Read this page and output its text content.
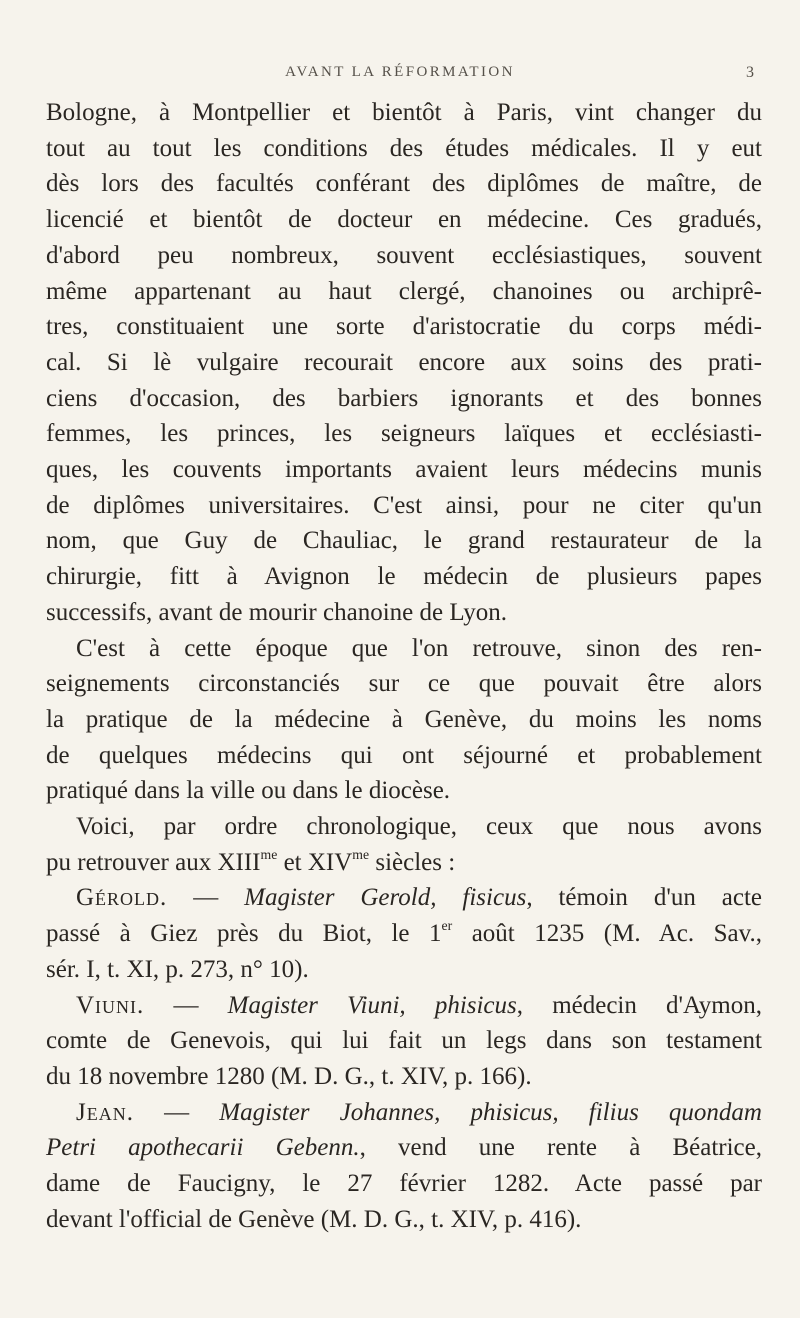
AVANT LA RÉFORMATION	3
Bologne, à Montpellier et bientôt à Paris, vint changer du
tout au tout les conditions des études médicales. Il y eut
dès lors des facultés conférant des diplômes de maître, de
licencié et bientôt de docteur en médecine. Ces gradués,
d'abord peu nombreux, souvent ecclésiastiques, souvent
même appartenant au haut clergé, chanoines ou archiprê-
tres, constituaient une sorte d'aristocratie du corps médi-
cal. Si lè vulgaire recourait encore aux soins des prati-
ciens d'occasion, des barbiers ignorants et des bonnes
femmes, les princes, les seigneurs laïques et ecclésiasti-
ques, les couvents importants avaient leurs médecins munis
de diplômes universitaires. C'est ainsi, pour ne citer qu'un
nom, que Guy de Chauliac, le grand restaurateur de la
chirurgie, fitt à Avignon le médecin de plusieurs papes
successifs, avant de mourir chanoine de Lyon.
C'est à cette époque que l'on retrouve, sinon des ren-
seignements circonstanciés sur ce que pouvait être alors
la pratique de la médecine à Genève, du moins les noms
de quelques médecins qui ont séjourné et probablement
pratiqué dans la ville ou dans le diocèse.
Voici, par ordre chronologique, ceux que nous avons
pu retrouver aux $XIII^{me}$ et $XIV^{me}$ siècles :
Gérold. — Magister Gerold, fisicus, témoin d'un acte
passé à Giez près du Biot, le 1er août 1235 (M. Ac. Sav.,
sér. I, t. XI, p. 273, n° 10).
Viuni. — Magister Viuni, phisicus, médecin d'Aymon,
comte de Genevois, qui lui fait un legs dans son testament
du 18 novembre 1280 (M. D. G., t. XIV, p. 166).
Jean. — Magister Johannes, phisicus, filius quondam
Petri apothecarii Gebenn., vend une rente à Béatrice,
dame de Faucigny, le 27 février 1282. Acte passé par
devant l'official de Genève (M. D. G., t. XIV, p. 416).
